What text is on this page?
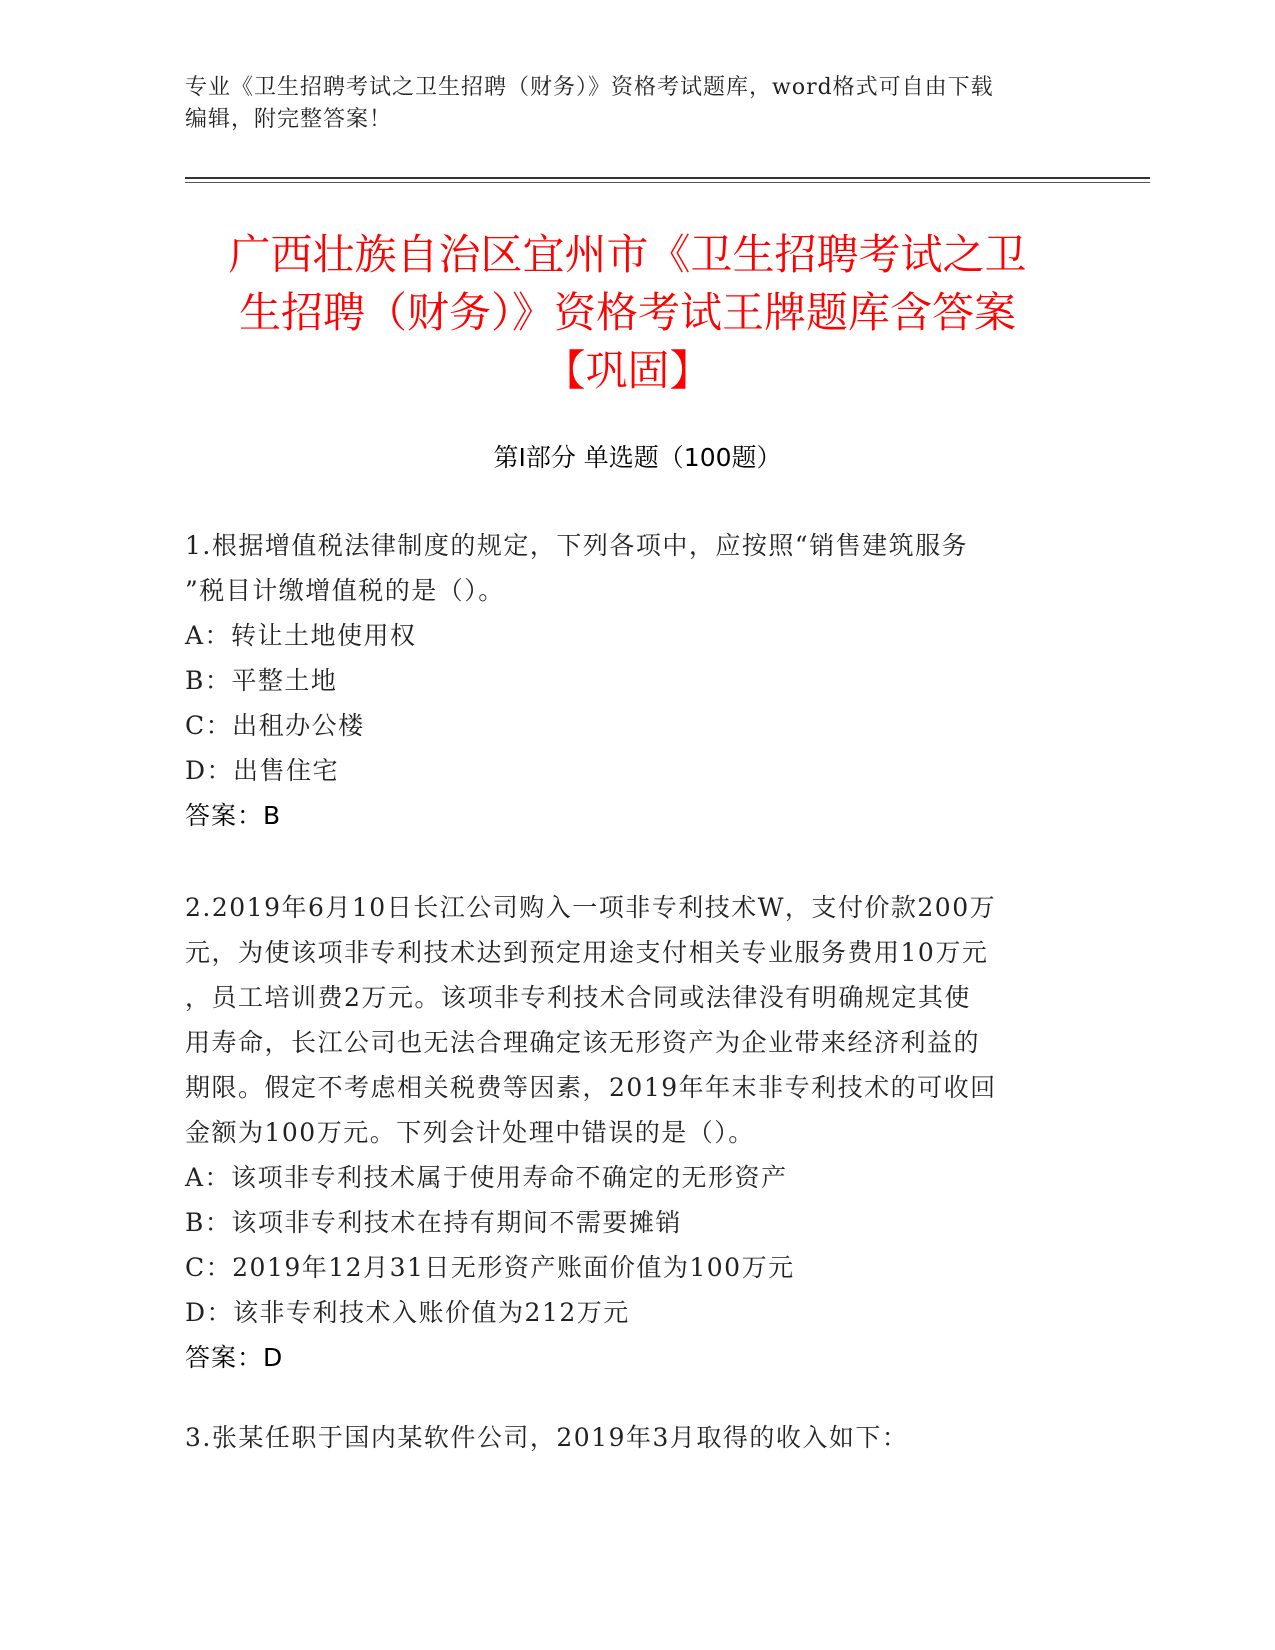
专业《卫生招聘考试之卫生招聘（财务）》资格考试题库，word格式可自由下载
编辑，附完整答案！
广西壮族自治区宜州市《卫生招聘考试之卫
生招聘（财务）》资格考试王牌题库含答案
【巩固】
第Ⅰ部分 单选题（100题）
1.根据增值税法律制度的规定，下列各项中，应按照“销售建筑服务
”税目计缴增值税的是（）。
A：转让土地使用权
B：平整土地
C：出租办公楼
D：出售住宅
答案：B
2.2019年6月10日长江公司购入一项非专利技术W，支付价款200万
元，为使该项非专利技术达到预定用途支付相关专业服务费用10万元
，员工培训费2万元。该项非专利技术合同或法律没有明确规定其使
用寿命，长江公司也无法合理确定该无形资产为企业带来经济利益的
期限。假定不考虑相关税费等因素，2019年年末非专利技术的可收回
金额为100万元。下列会计处理中错误的是（）。
A：该项非专利技术属于使用寿命不确定的无形资产
B：该项非专利技术在持有期间不需要摊销
C：2019年12月31日无形资产账面价值为100万元
D：该非专利技术入账价值为212万元
答案：D
3.张某任职于国内某软件公司，2019年3月取得的收入如下：
